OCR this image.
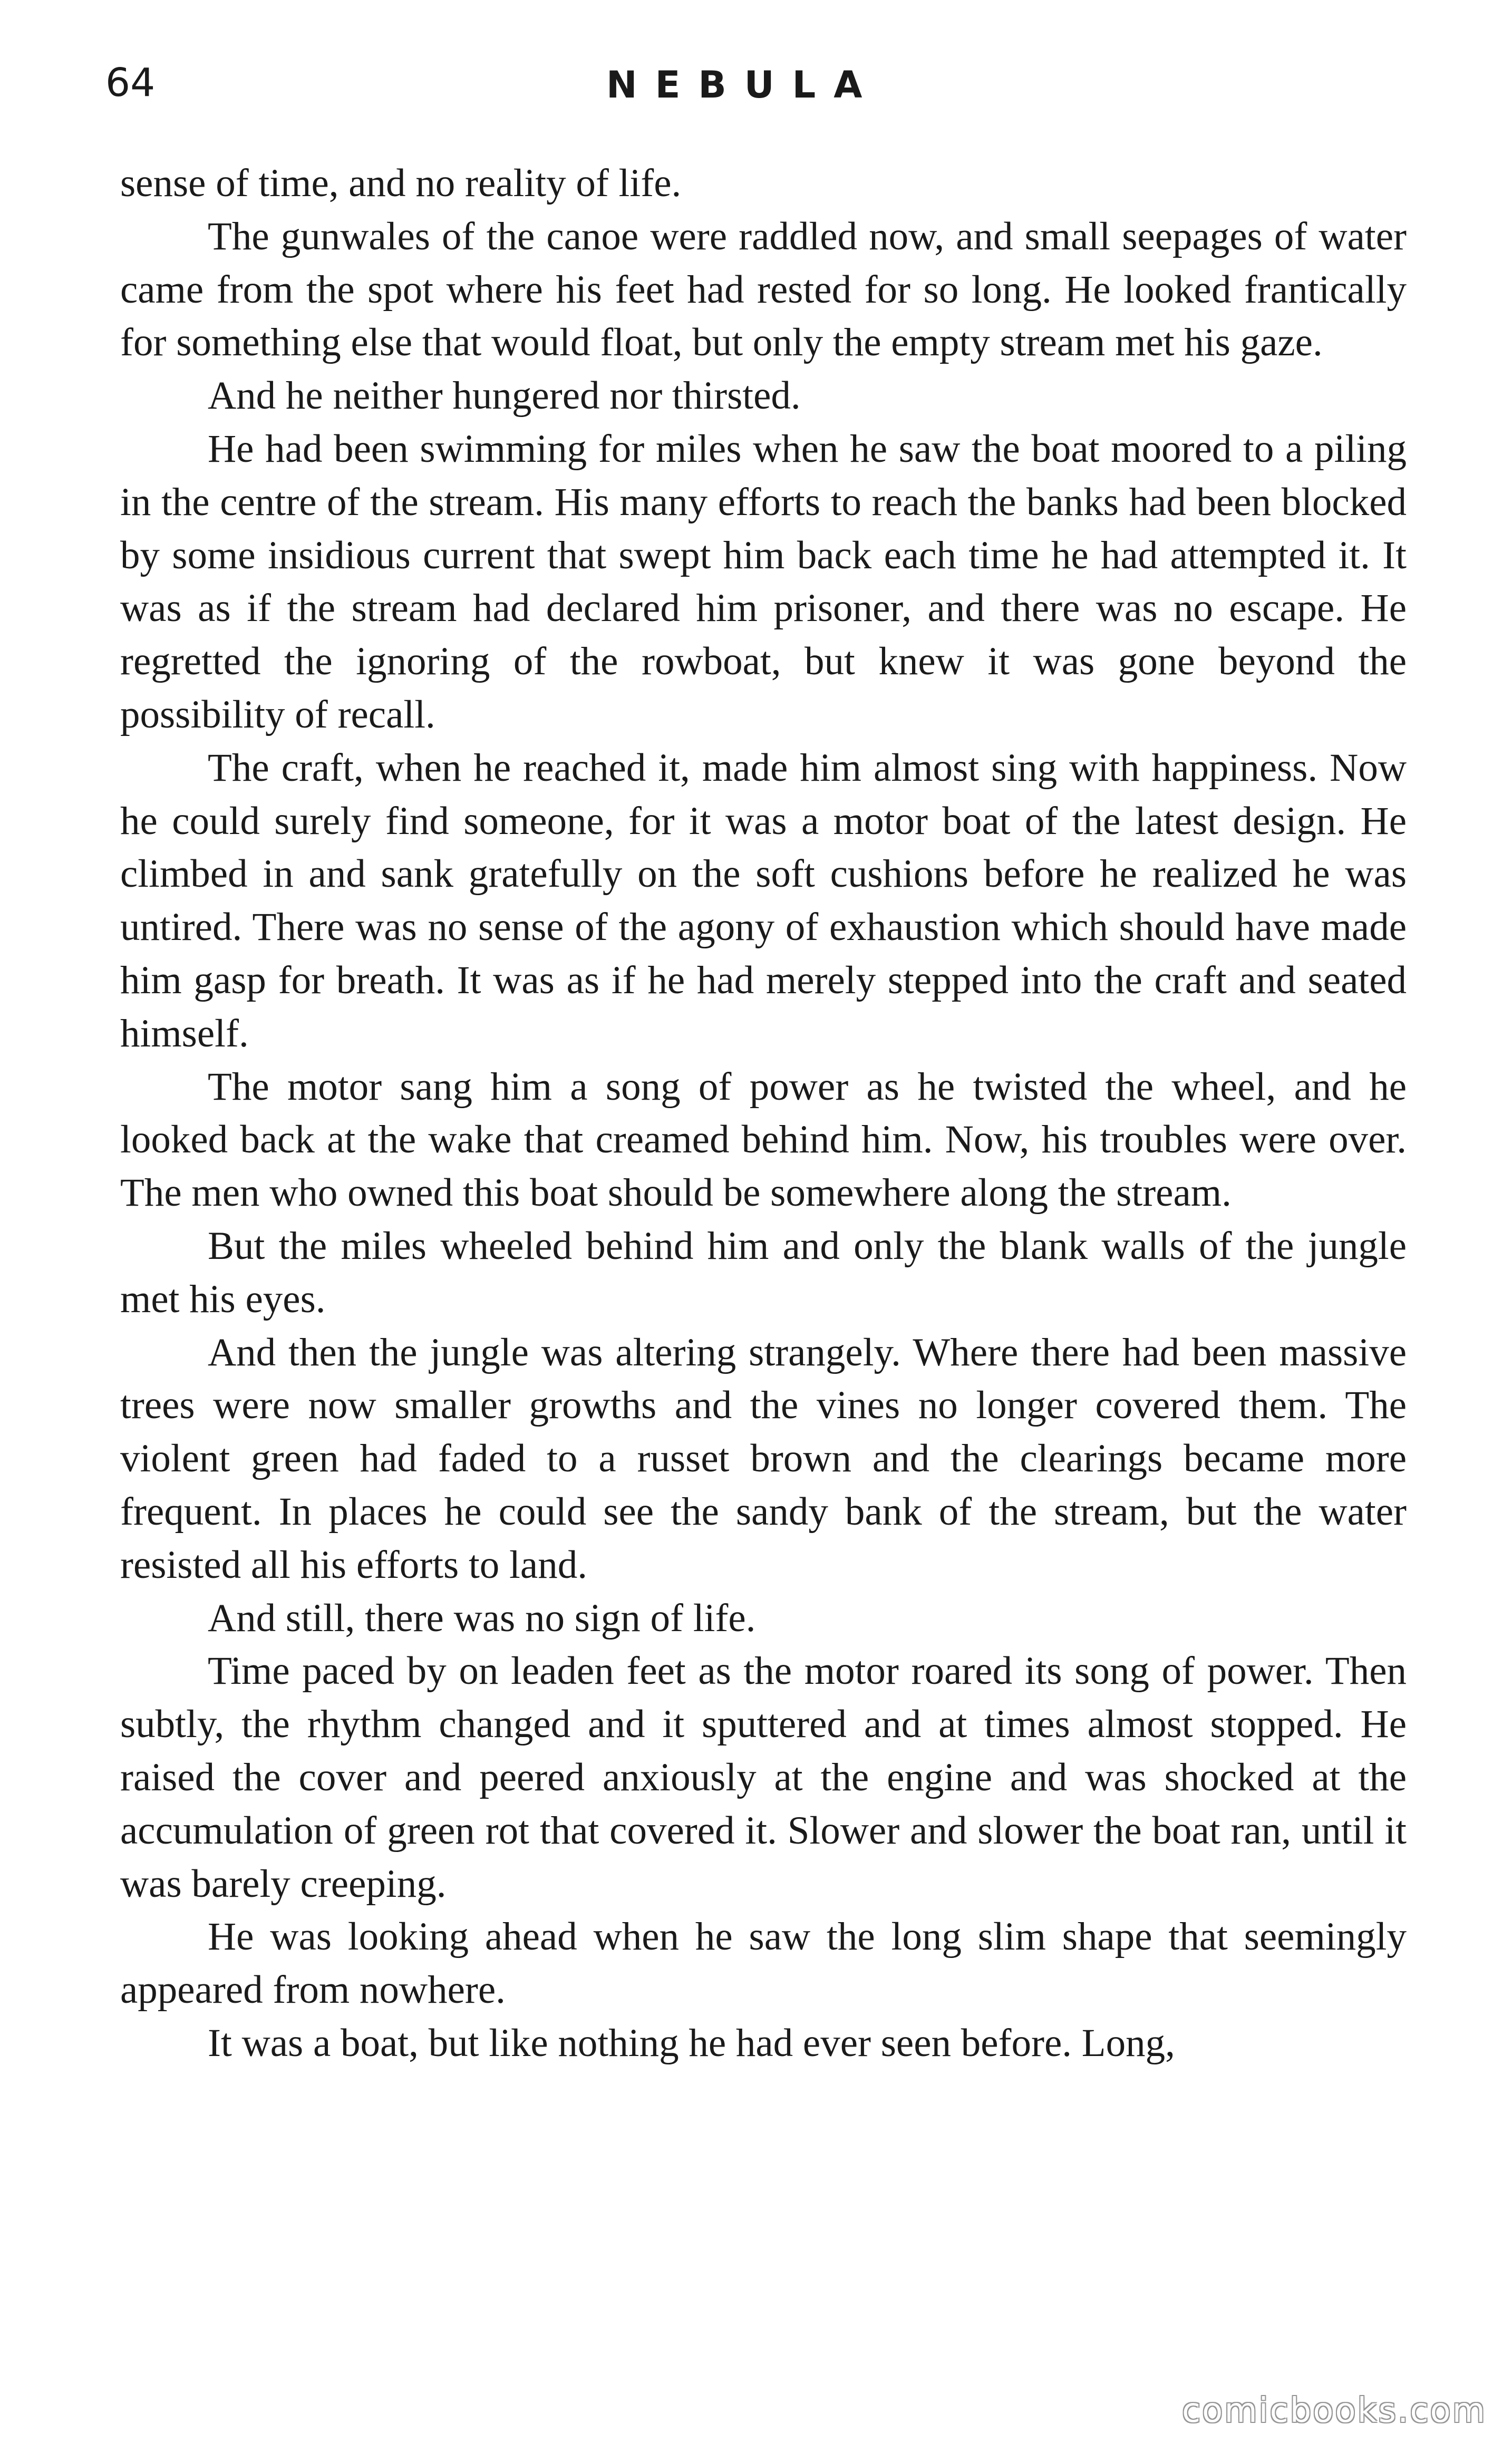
64	NEBULA

sense of time, and no reality of life.

The gunwales of the canoe were raddled now, and small seepages of water came from the spot where his feet had rested for so long. He looked frantically for something else that would float, but only the empty stream met his gaze.

And he neither hungered nor thirsted.

He had been swimming for miles when he saw the boat moored to a piling in the centre of the stream. His many efforts to reach the banks had been blocked by some insidious current that swept him back each time he had attempted it. It was as if the stream had declared him prisoner, and there was no escape. He regretted the ignoring of the rowboat, but knew it was gone beyond the possibility of recall.

The craft, when he reached it, made him almost sing with happiness. Now he could surely find someone, for it was a motor boat of the latest design. He climbed in and sank gratefully on the soft cushions before he realized he was untired. There was no sense of the agony of exhaustion which should have made him gasp for breath. It was as if he had merely stepped into the craft and seated himself.

The motor sang him a song of power as he twisted the wheel, and he looked back at the wake that creamed behind him. Now, his troubles were over. The men who owned this boat should be somewhere along the stream.

But the miles wheeled behind him and only the blank walls of the jungle met his eyes.

And then the jungle was altering strangely. Where there had been massive trees were now smaller growths and the vines no longer covered them. The violent green had faded to a russet brown and the clearings became more frequent. In places he could see the sandy bank of the stream, but the water resisted all his efforts to land.

And still, there was no sign of life.

Time paced by on leaden feet as the motor roared its song of power. Then subtly, the rhythm changed and it sputtered and at times almost stopped. He raised the cover and peered anxiously at the engine and was shocked at the accumulation of green rot that covered it. Slower and slower the boat ran, until it was barely creeping.

He was looking ahead when he saw the long slim shape that seemingly appeared from nowhere.

It was a boat, but like nothing he had ever seen before. Long,

comicbooks.com
